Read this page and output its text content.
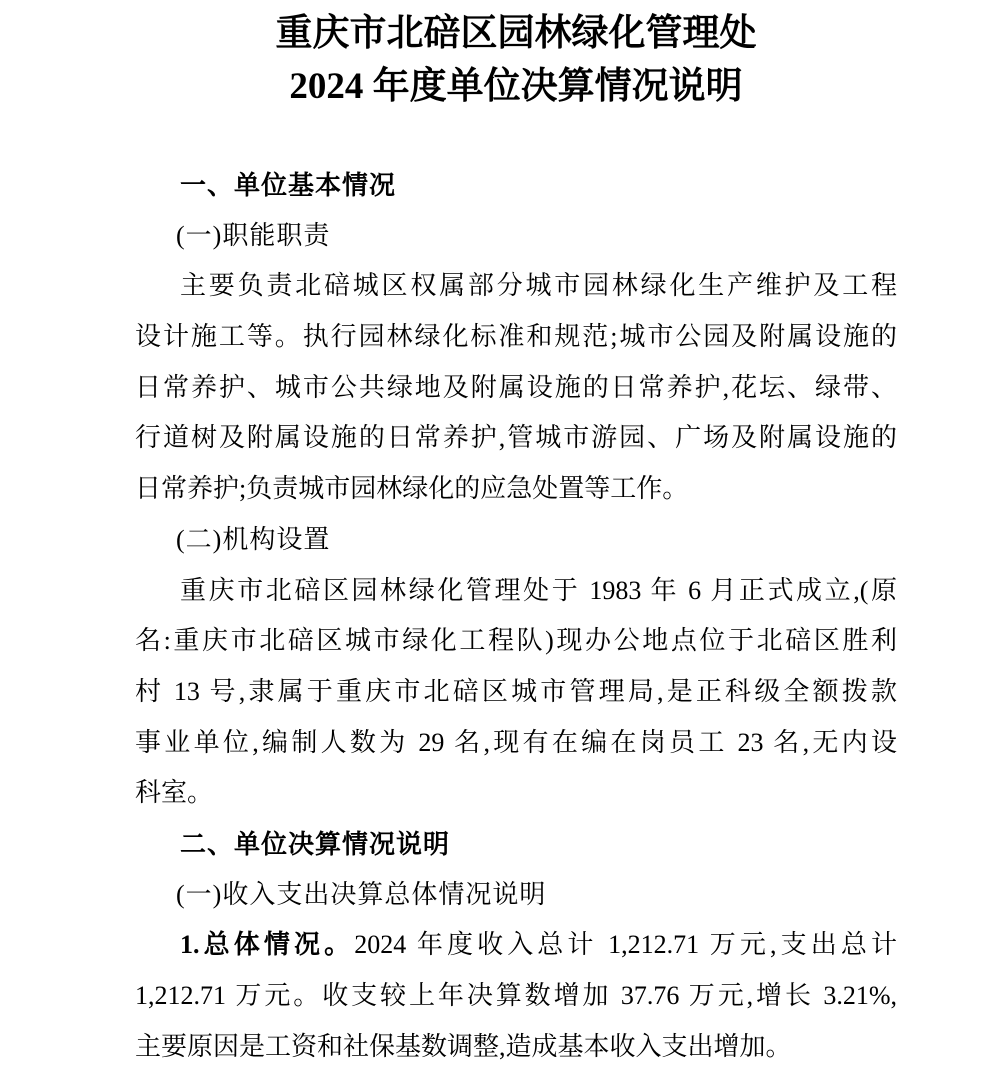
重庆市北碚区园林绿化管理处
2024 年度单位决算情况说明
一、单位基本情况
(一)职能职责
主要负责北碚城区权属部分城市园林绿化生产维护及工程
设计施工等。执行园林绿化标准和规范;城市公园及附属设施的
日常养护、城市公共绿地及附属设施的日常养护,花坛、绿带、
行道树及附属设施的日常养护,管城市游园、广场及附属设施的
日常养护;负责城市园林绿化的应急处置等工作。
(二)机构设置
重庆市北碚区园林绿化管理处于 1983 年 6 月正式成立,(原
名:重庆市北碚区城市绿化工程队)现办公地点位于北碚区胜利
村 13 号,隶属于重庆市北碚区城市管理局,是正科级全额拨款
事业单位,编制人数为 29 名,现有在编在岗员工 23 名,无内设
科室。
二、单位决算情况说明
(一)收入支出决算总体情况说明
1.总体情况。2024 年度收入总计 1,212.71 万元,支出总计
1,212.71 万元。收支较上年决算数增加 37.76 万元,增长 3.21%,
主要原因是工资和社保基数调整,造成基本收入支出增加。
